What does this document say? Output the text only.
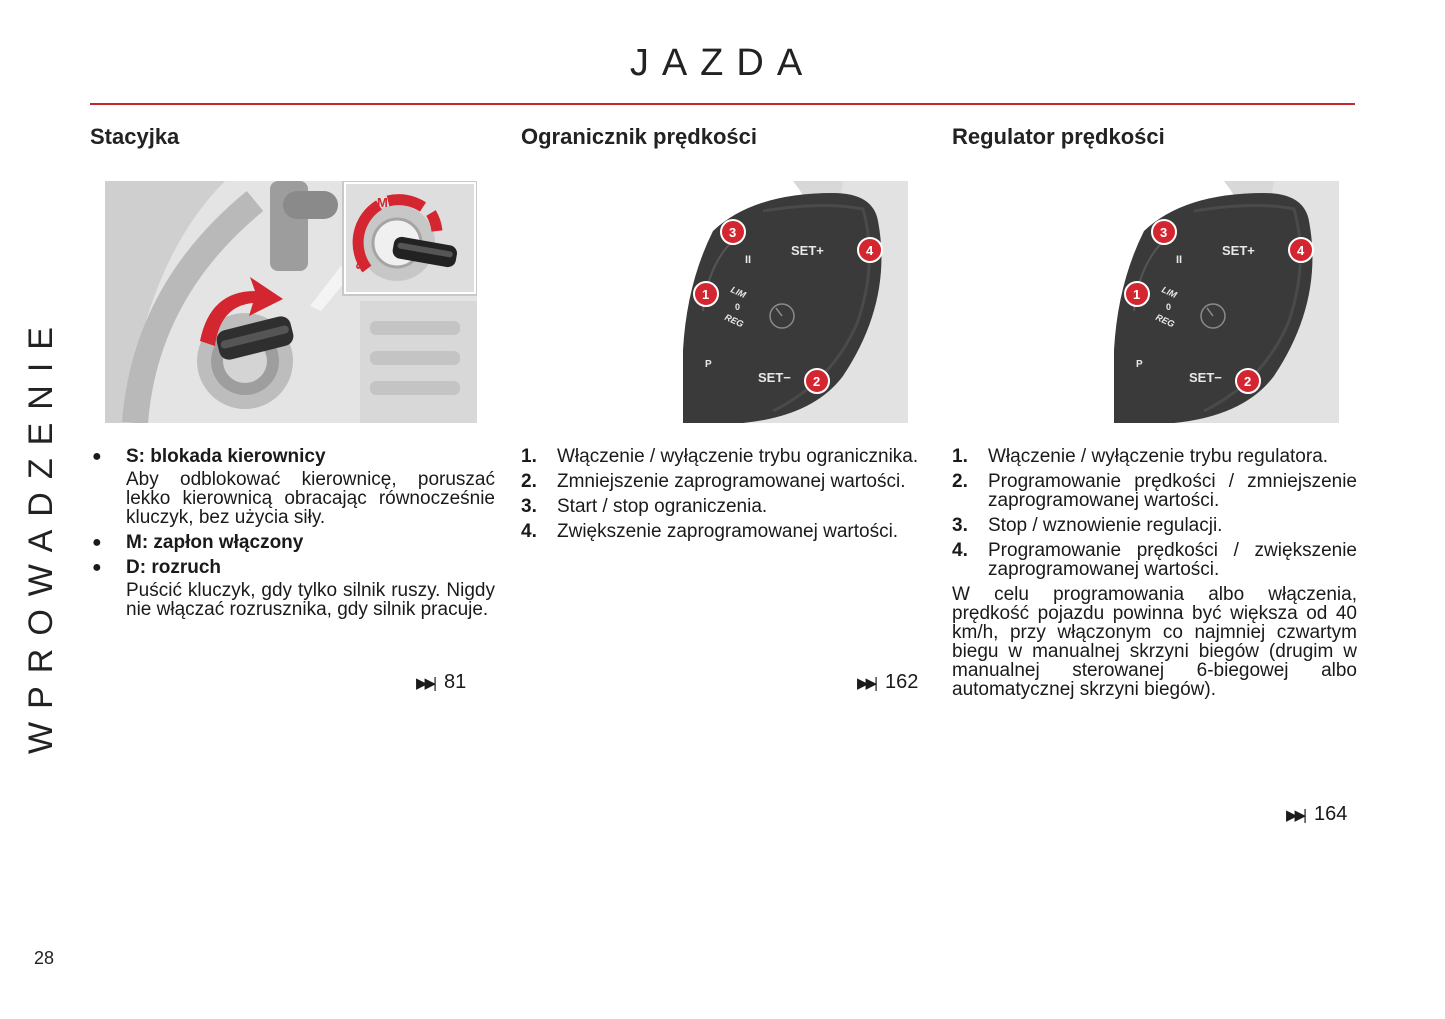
JAZDA
WPROWADZENIE
28
Stacyjka
S
M
D
● S: blokada kierownicy
Aby odblokować kierownicę, poruszać lekko kierownicą obracając równocześnie kluczyk, bez użycia siły.
● M: zapłon włączony
● D: rozruch
Puścić kluczyk, gdy tylko silnik ruszy. Nigdy nie włączać rozrusznika, gdy silnik pracuje.
▶▶| 81
Ogranicznik prędkości
SET+
II
LIM
0
REG
P
SET−
3
4
1
2
1. Włączenie / wyłączenie trybu ogranicznika.
2. Zmniejszenie zaprogramowanej wartości.
3. Start / stop ograniczenia.
4. Zwiększenie zaprogramowanej wartości.
▶▶| 162
Regulator prędkości
SET+
II
LIM
0
REG
P
SET−
3
4
1
2
1. Włączenie / wyłączenie trybu regulatora.
2. Programowanie prędkości / zmniejszenie zaprogramowanej wartości.
3. Stop / wznowienie regulacji.
4. Programowanie prędkości / zwiększenie zaprogramowanej wartości.
W celu programowania albo włączenia, prędkość pojazdu powinna być większa od 40 km/h, przy włączonym co najmniej czwartym biegu w manualnej skrzyni biegów (drugim w manualnej sterowanej 6-biegowej albo automatycznej skrzyni biegów).
▶▶| 164
